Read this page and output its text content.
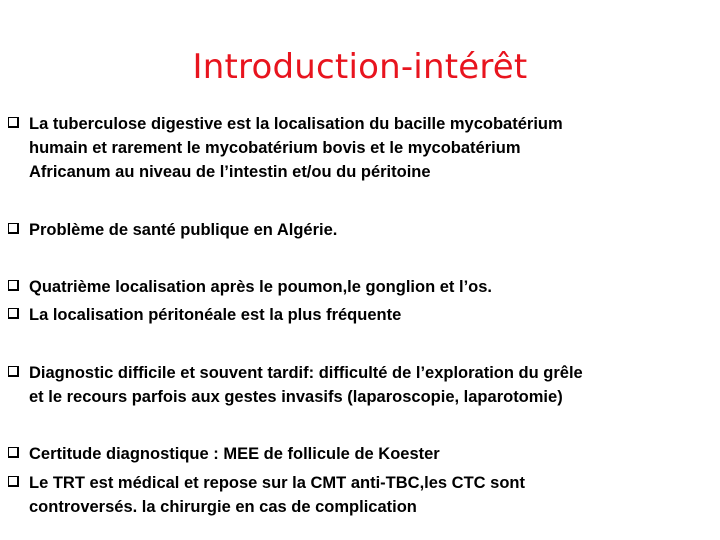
Introduction-intérêt
La tuberculose digestive est la localisation du bacille mycobatérium
humain et rarement le mycobatérium bovis et le mycobatérium
Africanum au niveau de l’intestin et/ou du péritoine
Problème de santé publique en Algérie.
Quatrième localisation après le poumon,le gonglion et l’os.
La localisation péritonéale est la plus fréquente
Diagnostic difficile et souvent tardif: difficulté de l’exploration du grêle
et le recours parfois aux gestes invasifs (laparoscopie, laparotomie)
Certitude diagnostique : MEE de follicule de Koester
Le TRT est médical et repose sur la CMT anti-TBC,les CTC sont
controversés. la chirurgie en cas de complication
